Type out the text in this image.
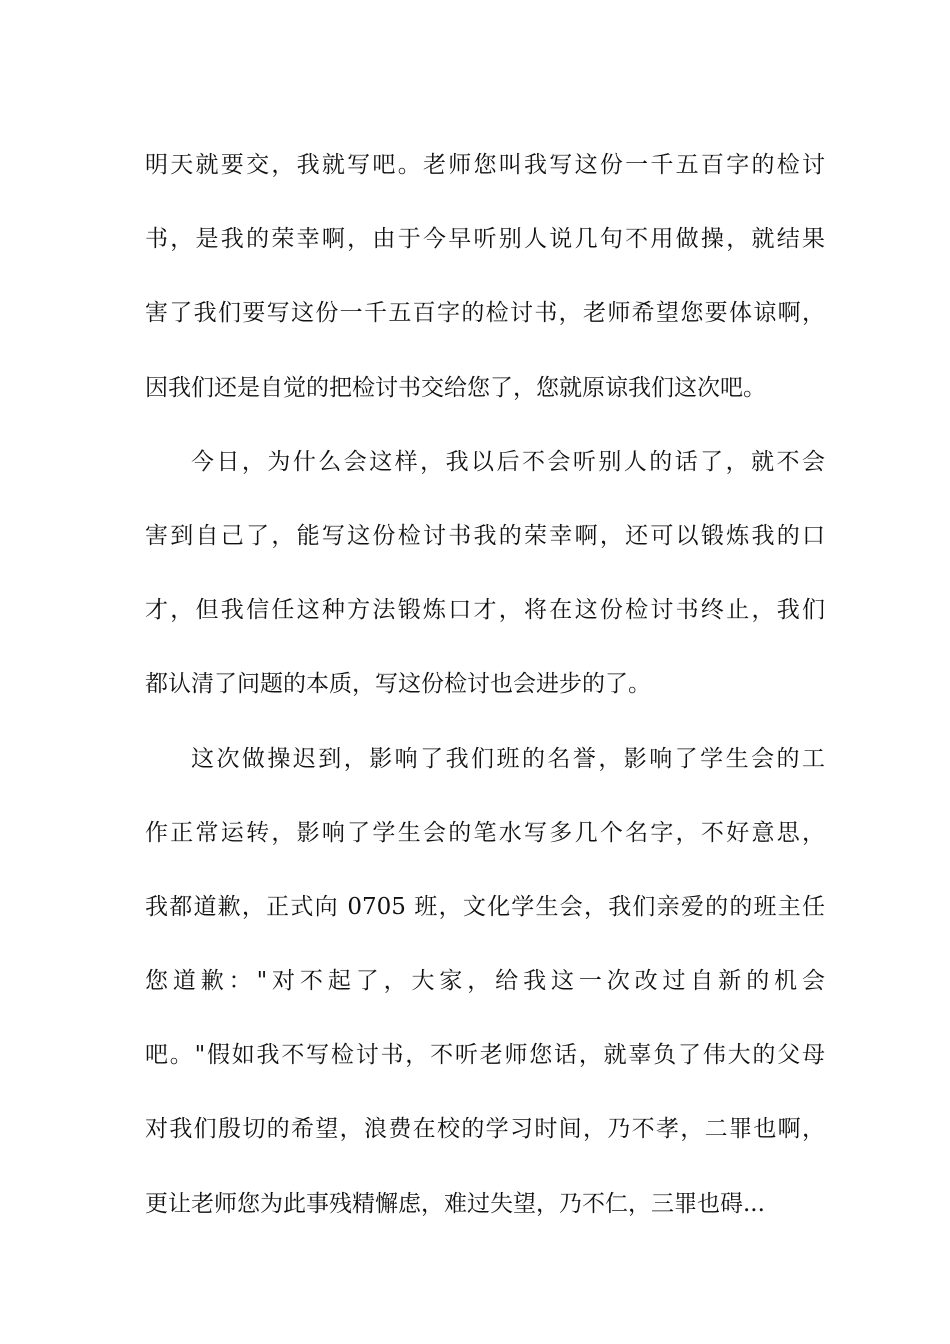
明天就要交，我就写吧。老师您叫我写这份一千五百字的检讨
书，是我的荣幸啊，由于今早听别人说几句不用做操，就结果
害了我们要写这份一千五百字的检讨书，老师希望您要体谅啊，
因我们还是自觉的把检讨书交给您了，您就原谅我们这次吧。
今日，为什么会这样，我以后不会听别人的话了，就不会
害到自己了，能写这份检讨书我的荣幸啊，还可以锻炼我的口
才，但我信任这种方法锻炼口才，将在这份检讨书终止，我们
都认清了问题的本质，写这份检讨也会进步的了。
这次做操迟到，影响了我们班的名誉，影响了学生会的工
作正常运转，影响了学生会的笔水写多几个名字，不好意思，
我都道歉，正式向 0705 班，文化学生会，我们亲爱的的班主任
您道歉："对不起了，大家，给我这一次改过自新的机会
吧。"假如我不写检讨书，不听老师您话，就辜负了伟大的父母
对我们殷切的希望，浪费在校的学习时间，乃不孝，二罪也啊，
更让老师您为此事残精懈虑，难过失望，乃不仁，三罪也碍...
